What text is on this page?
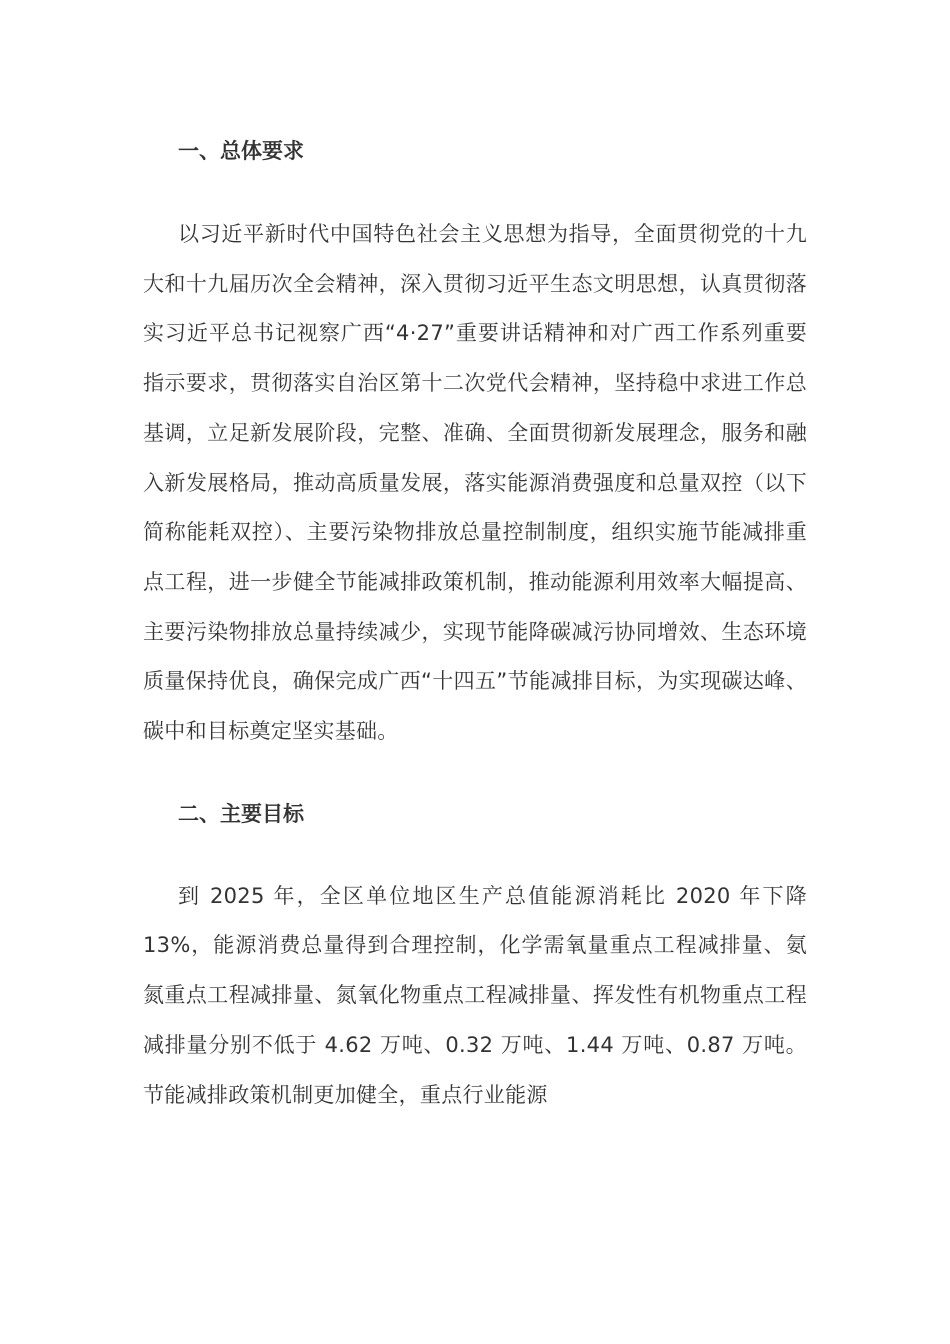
一、总体要求

以习近平新时代中国特色社会主义思想为指导，全面贯彻党的十九大和十九届历次全会精神，深入贯彻习近平生态文明思想，认真贯彻落实习近平总书记视察广西“4·27”重要讲话精神和对广西工作系列重要指示要求，贯彻落实自治区第十二次党代会精神，坚持稳中求进工作总基调，立足新发展阶段，完整、准确、全面贯彻新发展理念，服务和融入新发展格局，推动高质量发展，落实能源消费强度和总量双控（以下简称能耗双控）、主要污染物排放总量控制制度，组织实施节能减排重点工程，进一步健全节能减排政策机制，推动能源利用效率大幅提高、主要污染物排放总量持续减少，实现节能降碳减污协同增效、生态环境质量保持优良，确保完成广西“十四五”节能减排目标，为实现碳达峰、碳中和目标奠定坚实基础。

二、主要目标

到 2025 年，全区单位地区生产总值能源消耗比 2020 年下降 13%，能源消费总量得到合理控制，化学需氧量重点工程减排量、氨氮重点工程减排量、氮氧化物重点工程减排量、挥发性有机物重点工程减排量分别不低于 4.62 万吨、0.32 万吨、1.44 万吨、0.87 万吨。节能减排政策机制更加健全，重点行业能源
